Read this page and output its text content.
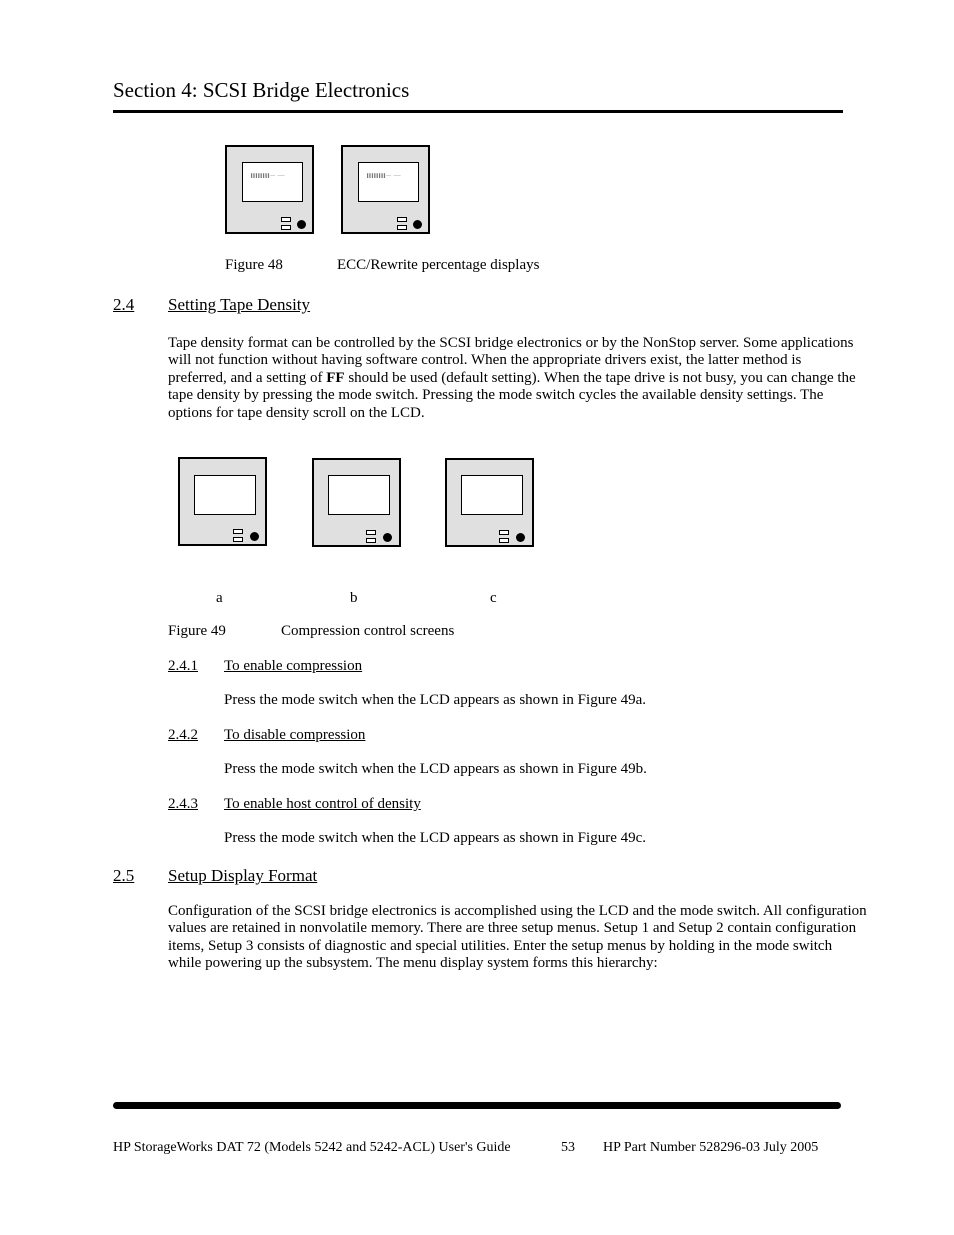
Section 4: SCSI Bridge Electronics
▌▌▌▌▌▌▌▌—— ———	▌▌▌▌▌▌▌▌—— ———
Figure 48	ECC/Rewrite percentage displays
2.4 Setting Tape Density
Tape density format can be controlled by the SCSI bridge electronics or by the NonStop server. Some applications will not function without having software control. When the appropriate drivers exist, the latter method is preferred, and a setting of FF should be used (default setting). When the tape drive is not busy, you can change the tape density by pressing the mode switch. Pressing the mode switch cycles the available density settings. The options for tape density scroll on the LCD.
a	b	c
Figure 49	Compression control screens
2.4.1 To enable compression
Press the mode switch when the LCD appears as shown in Figure 49a.
2.4.2 To disable compression
Press the mode switch when the LCD appears as shown in Figure 49b.
2.4.3 To enable host control of density
Press the mode switch when the LCD appears as shown in Figure 49c.
2.5 Setup Display Format
Configuration of the SCSI bridge electronics is accomplished using the LCD and the mode switch. All configuration values are retained in nonvolatile memory. There are three setup menus. Setup 1 and Setup 2 contain configuration items, Setup 3 consists of diagnostic and special utilities. Enter the setup menus by holding in the mode switch while powering up the subsystem. The menu display system forms this hierarchy:
HP StorageWorks DAT 72 (Models 5242 and 5242-ACL) User's Guide	53 HP Part Number 528296-03 July 2005
